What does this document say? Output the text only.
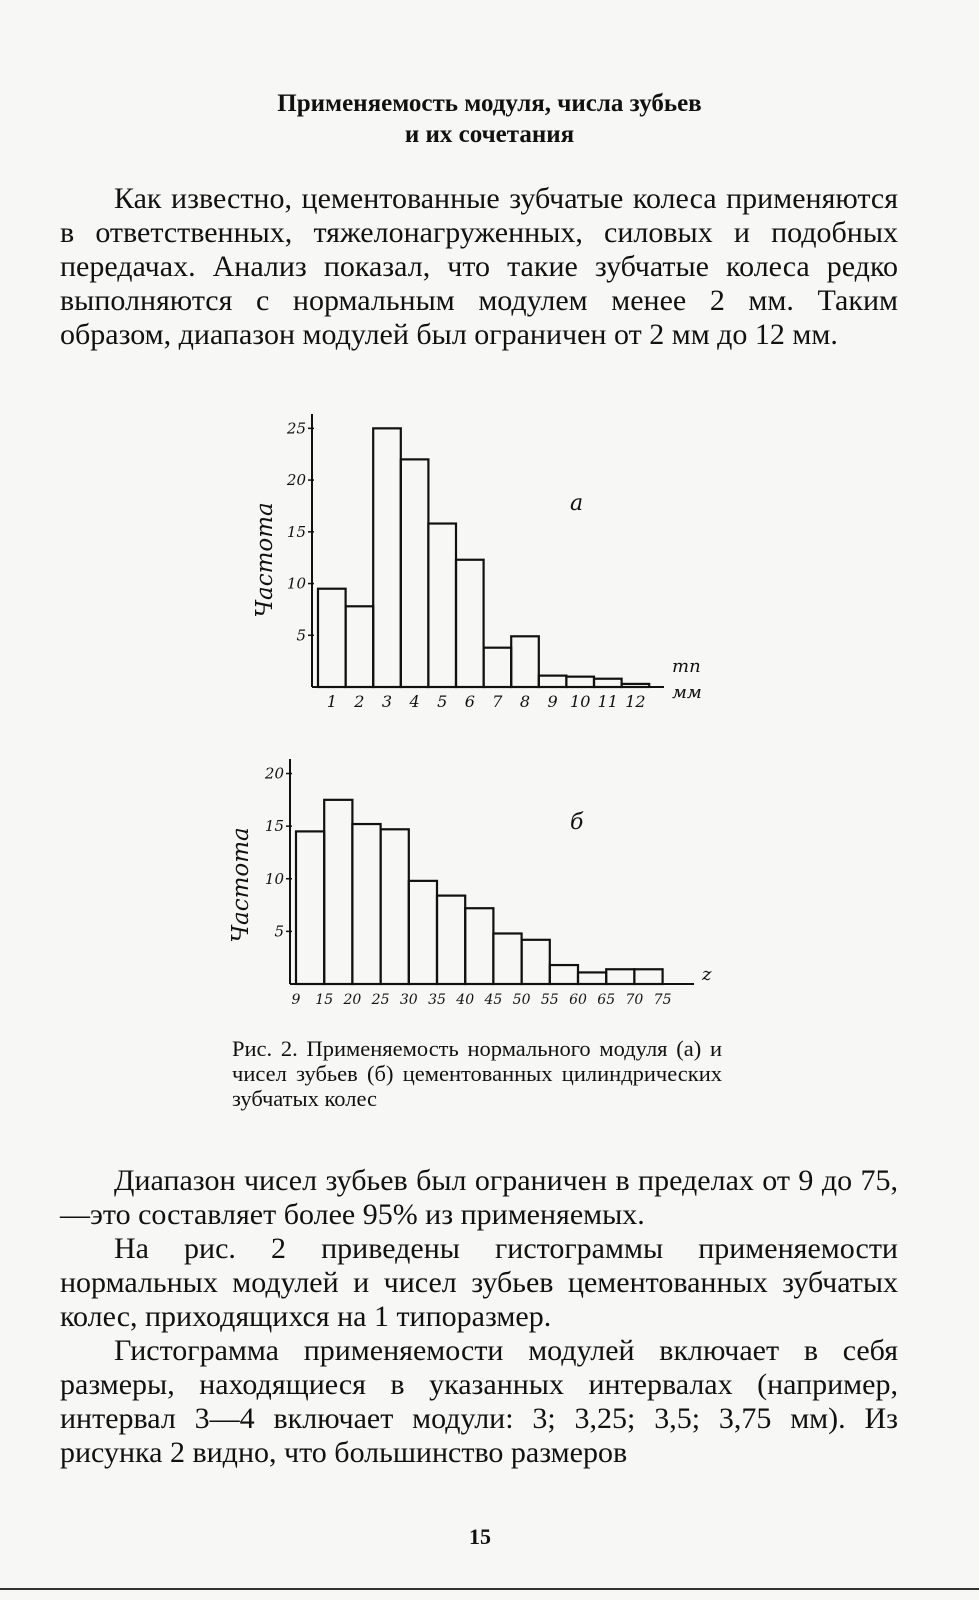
Применяемость модуля, числа зубьев
и их сочетания

Как известно, цементованные зубчатые колеса применяются в ответственных, тяжелонагруженных, силовых и подобных передачах. Анализ показал, что такие зубчатые колеса редко выполняются с нормальным модулем менее 2 мм. Таким образом, диапазон модулей был ограничен от 2 мм до 12 мм.

5
10
15
20
25
1 2 3 4 5 6 7 8 9 10 11 12
Частота	а
mn
мм
5
10
15
20
9 15 20 25 30 35 40 45 50 55 60 65 70 75
Частота
б
z
Рис. 2. Применяемость нормального модуля (а) и чисел зубьев (б) цементованных цилиндрических зубчатых колес

Диапазон чисел зубьев был ограничен в пределах от 9 до 75,—это составляет более 95% из применяемых.

На рис. 2 приведены гистограммы применяемости нормальных модулей и чисел зубьев цементованных зубчатых колес, приходящихся на 1 типоразмер.

Гистограмма применяемости модулей включает в себя размеры, находящиеся в указанных интервалах (например, интервал 3—4 включает модули: 3; 3,25; 3,5; 3,75 мм). Из рисунка 2 видно, что большинство размеров

15
